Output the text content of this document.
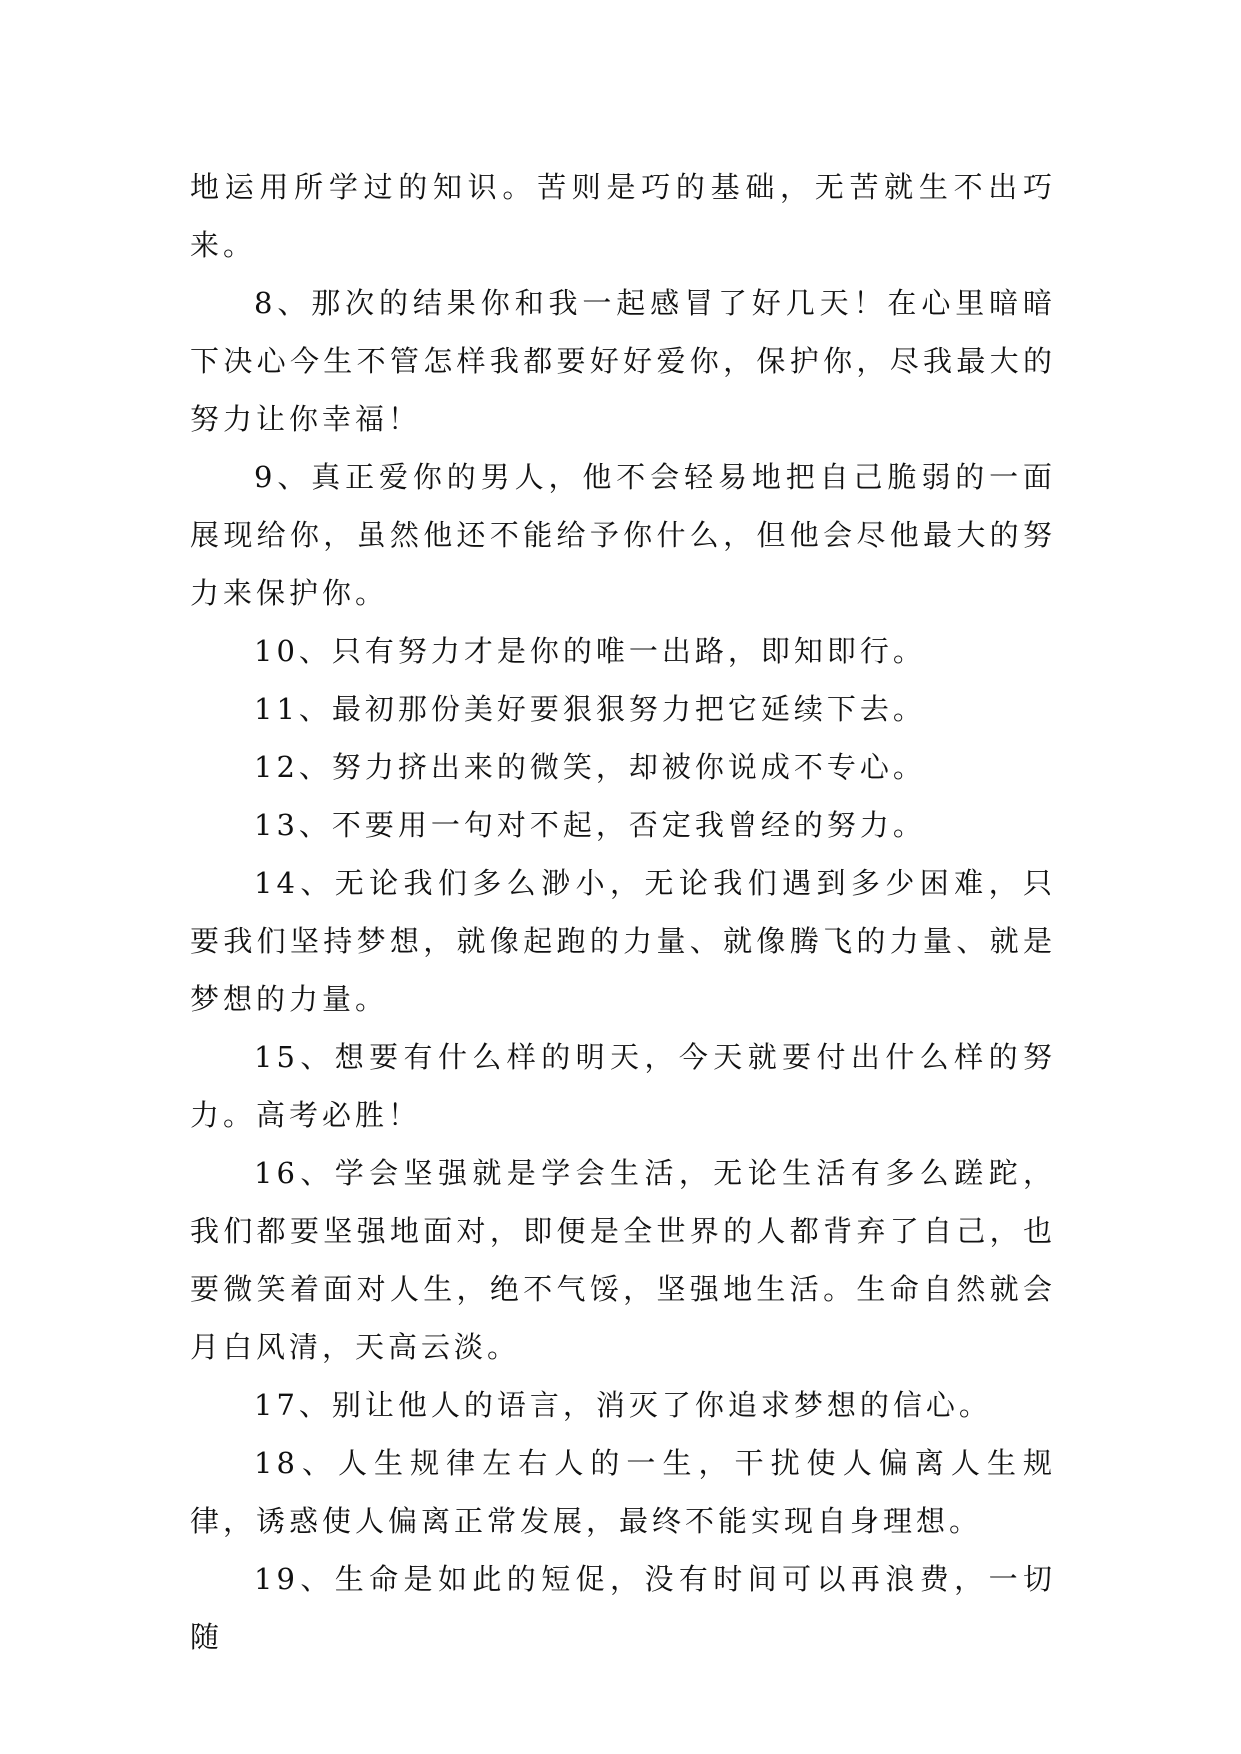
地运用所学过的知识。苦则是巧的基础，无苦就生不出巧来。

8、那次的结果你和我一起感冒了好几天！在心里暗暗下决心今生不管怎样我都要好好爱你，保护你，尽我最大的努力让你幸福！

9、真正爱你的男人，他不会轻易地把自己脆弱的一面展现给你，虽然他还不能给予你什么，但他会尽他最大的努力来保护你。

10、只有努力才是你的唯一出路，即知即行。

11、最初那份美好要狠狠努力把它延续下去。

12、努力挤出来的微笑，却被你说成不专心。

13、不要用一句对不起，否定我曾经的努力。

14、无论我们多么渺小，无论我们遇到多少困难，只要我们坚持梦想，就像起跑的力量、就像腾飞的力量、就是梦想的力量。

15、想要有什么样的明天，今天就要付出什么样的努力。高考必胜！

16、学会坚强就是学会生活，无论生活有多么蹉跎，我们都要坚强地面对，即便是全世界的人都背弃了自己，也要微笑着面对人生，绝不气馁，坚强地生活。生命自然就会月白风清，天高云淡。

17、别让他人的语言，消灭了你追求梦想的信心。

18、人生规律左右人的一生，干扰使人偏离人生规律，诱惑使人偏离正常发展，最终不能实现自身理想。

19、生命是如此的短促，没有时间可以再浪费，一切随
